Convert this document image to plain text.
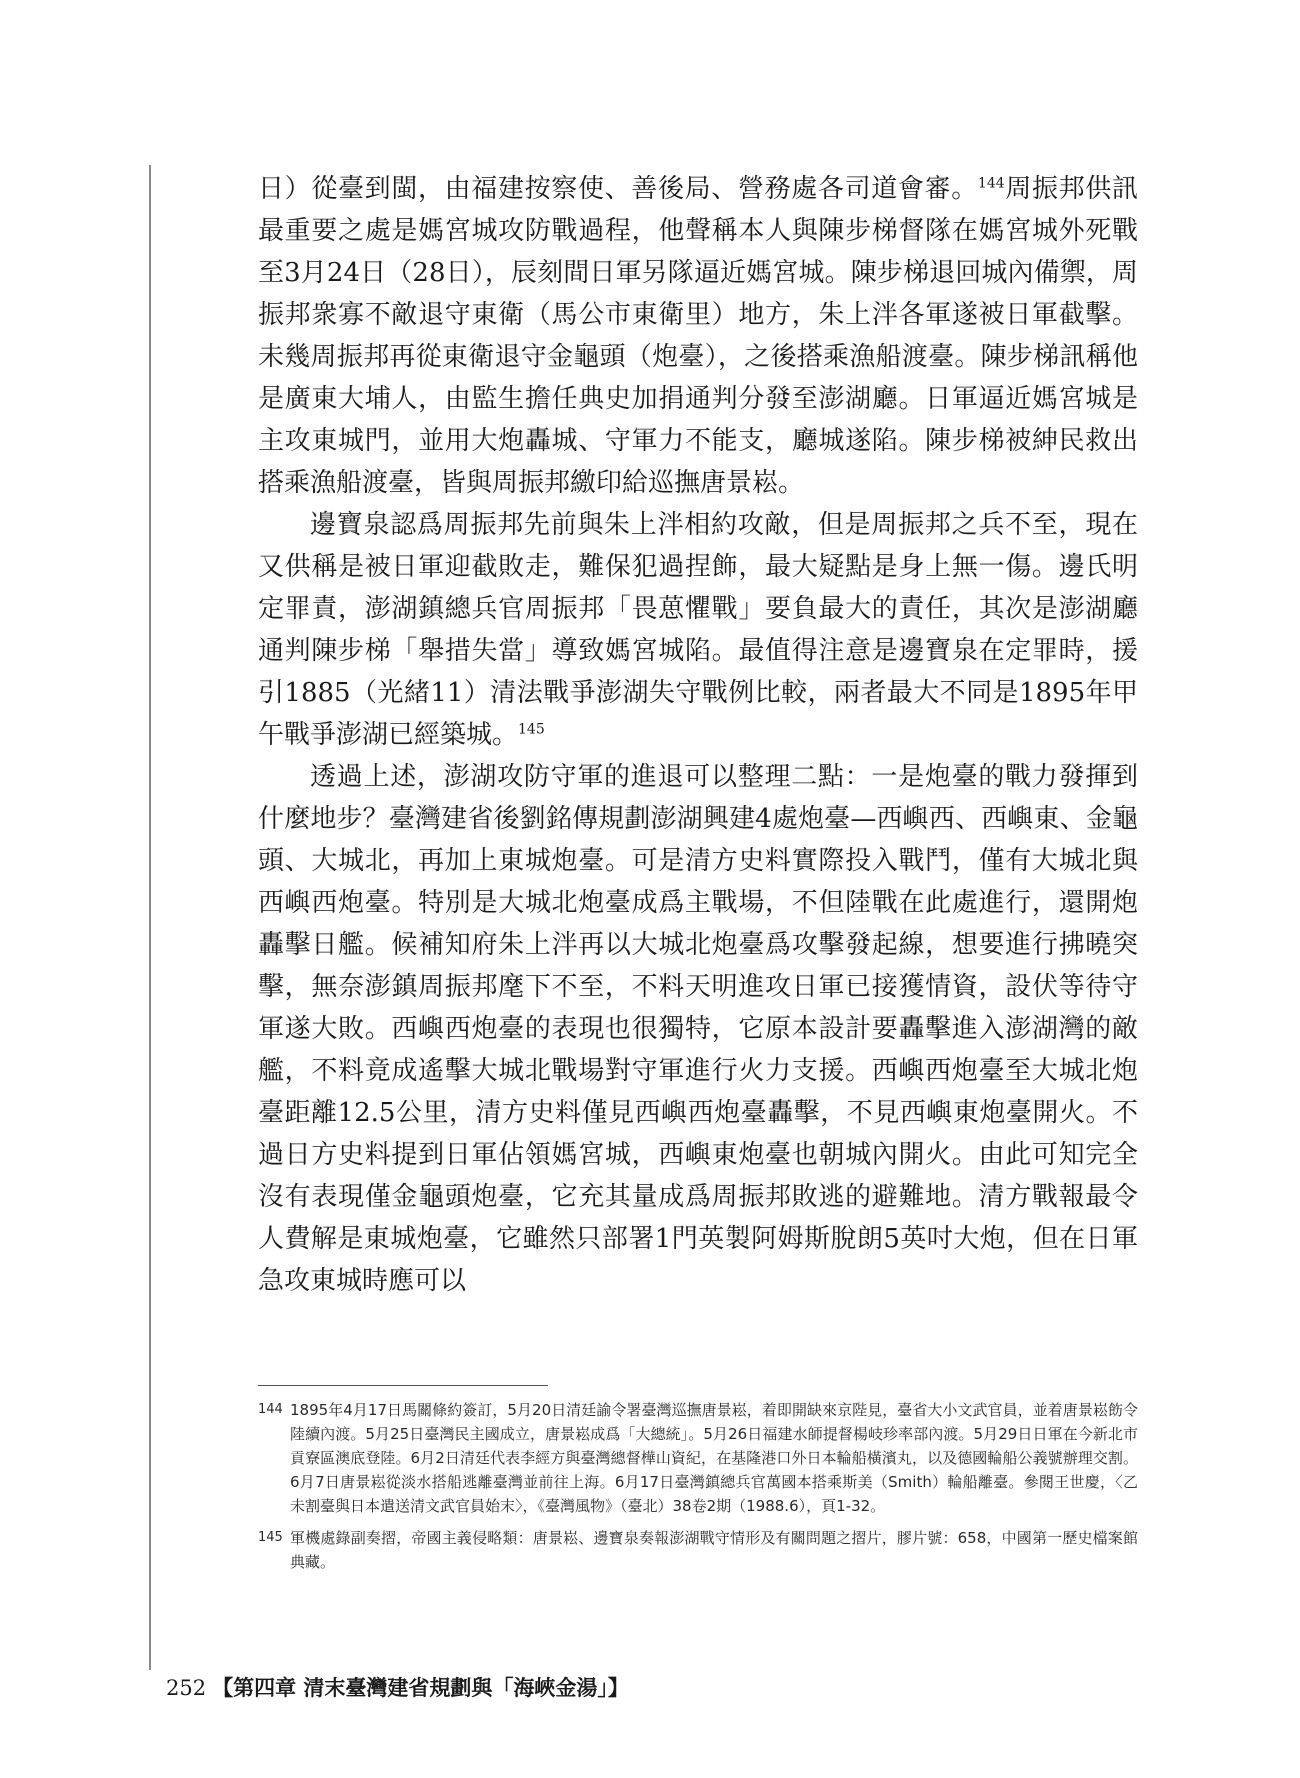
日）從臺到閩，由福建按察使、善後局、營務處各司道會審。$^{144}$周振邦供訊最重要之處是媽宮城攻防戰過程，他聲稱本人與陳步梯督隊在媽宮城外死戰至3月24日（28日），辰刻間日軍另隊逼近媽宮城。陳步梯退回城內備禦，周振邦衆寡不敵退守東衛（馬公市東衛里）地方，朱上泮各軍遂被日軍截擊。未幾周振邦再從東衛退守金龜頭（炮臺），之後搭乘漁船渡臺。陳步梯訊稱他是廣東大埔人，由監生擔任典史加捐通判分發至澎湖廳。日軍逼近媽宮城是主攻東城門，並用大炮轟城、守軍力不能支，廳城遂陷。陳步梯被紳民救出搭乘漁船渡臺，皆與周振邦繳印給巡撫唐景崧。

邊寶泉認爲周振邦先前與朱上泮相約攻敵，但是周振邦之兵不至，現在又供稱是被日軍迎截敗走，難保犯過捏飾，最大疑點是身上無一傷。邊氏明定罪責，澎湖鎮總兵官周振邦「畏葸懼戰」要負最大的責任，其次是澎湖廳通判陳步梯「舉措失當」導致媽宮城陷。最值得注意是邊寶泉在定罪時，援引1885（光緒11）清法戰爭澎湖失守戰例比較，兩者最大不同是1895年甲午戰爭澎湖已經築城。$^{145}$

透過上述，澎湖攻防守軍的進退可以整理二點：一是炮臺的戰力發揮到什麼地步？臺灣建省後劉銘傳規劃澎湖興建4處炮臺—西嶼西、西嶼東、金龜頭、大城北，再加上東城炮臺。可是清方史料實際投入戰鬥，僅有大城北與西嶼西炮臺。特別是大城北炮臺成爲主戰場，不但陸戰在此處進行，還開炮轟擊日艦。候補知府朱上泮再以大城北炮臺爲攻擊發起線，想要進行拂曉突擊，無奈澎鎮周振邦麾下不至，不料天明進攻日軍已接獲情資，設伏等待守軍遂大敗。西嶼西炮臺的表現也很獨特，它原本設計要轟擊進入澎湖灣的敵艦，不料竟成遙擊大城北戰場對守軍進行火力支援。西嶼西炮臺至大城北炮臺距離12.5公里，清方史料僅見西嶼西炮臺轟擊，不見西嶼東炮臺開火。不過日方史料提到日軍佔領媽宮城，西嶼東炮臺也朝城內開火。由此可知完全沒有表現僅金龜頭炮臺，它充其量成爲周振邦敗逃的避難地。清方戰報最令人費解是東城炮臺，它雖然只部署1門英製阿姆斯脫朗5英吋大炮，但在日軍急攻東城時應可以

144 1895年4月17日馬關條約簽訂，5月20日清廷諭令署臺灣巡撫唐景崧，着即開缺來京陛見，臺省大小文武官員，並着唐景崧飭令陸續內渡。5月25日臺灣民主國成立，唐景崧成爲「大總統」。5月26日福建水師提督楊岐珍率部內渡。5月29日日軍在今新北市貢寮區澳底登陸。6月2日清廷代表李經方與臺灣總督樺山資紀，在基隆港口外日本輪船橫濱丸，以及德國輪船公義號辦理交割。6月7日唐景崧從淡水搭船逃離臺灣並前往上海。6月17日臺灣鎮總兵官萬國本搭乘斯美（Smith）輪船離臺。參閱王世慶，〈乙未割臺與日本遣送清文武官員始末〉，《臺灣風物》（臺北）38卷2期（1988.6），頁1-32。
145 軍機處錄副奏摺，帝國主義侵略類：唐景崧、邊寶泉奏報澎湖戰守情形及有關問題之摺片，膠片號：658，中國第一歷史檔案館典藏。
252 【第四章 清末臺灣建省規劃與「海峽金湯」】
